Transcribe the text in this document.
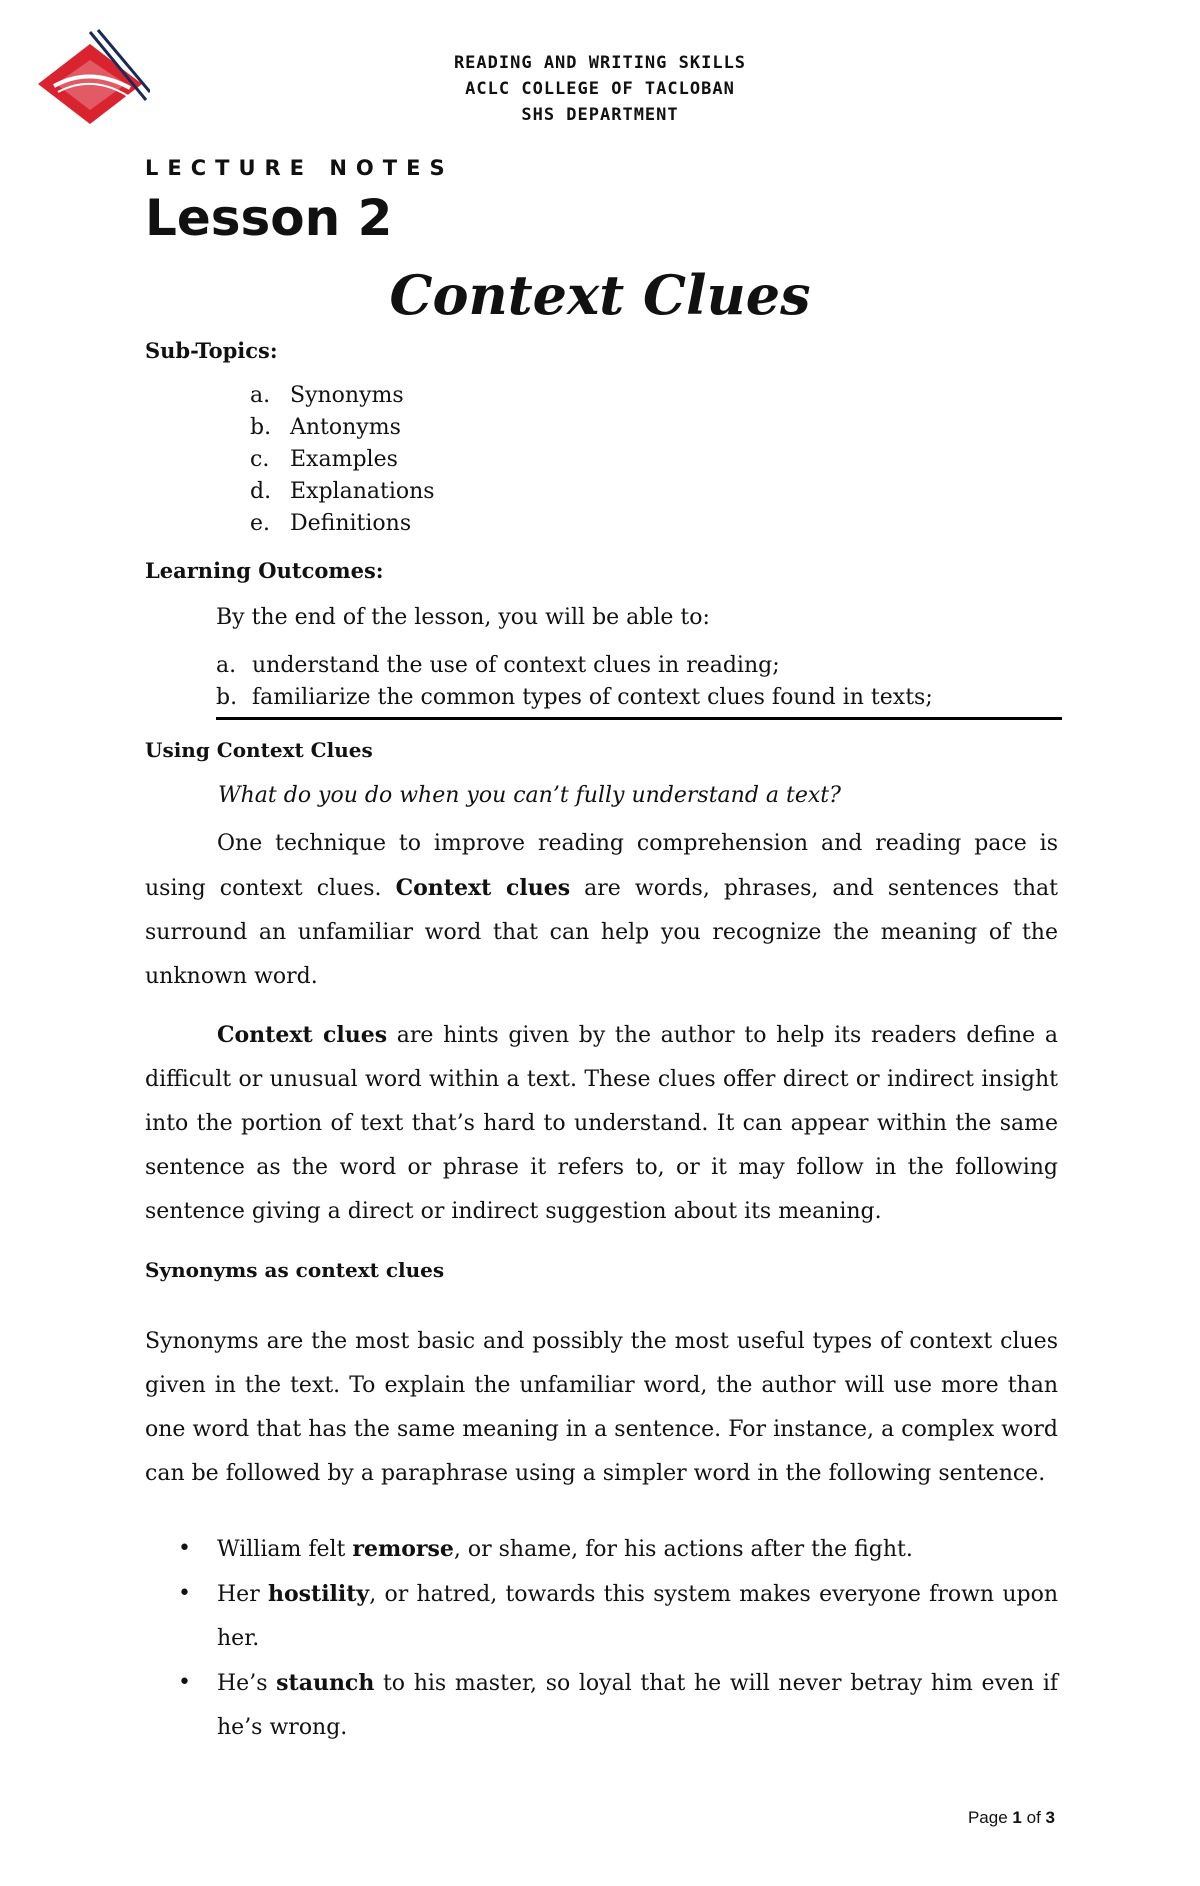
READING AND WRITING SKILLS
ACLC COLLEGE OF TACLOBAN
SHS DEPARTMENT
LECTURE NOTES
Lesson 2
Context Clues
Sub-Topics:
a. Synonyms
b. Antonyms
c. Examples
d. Explanations
e. Definitions
Learning Outcomes:
By the end of the lesson, you will be able to:
a. understand the use of context clues in reading;
b. familiarize the common types of context clues found in texts;
Using Context Clues
What do you do when you can’t fully understand a text?

One technique to improve reading comprehension and reading pace is using context clues. Context clues are words, phrases, and sentences that surround an unfamiliar word that can help you recognize the meaning of the unknown word.

Context clues are hints given by the author to help its readers define a difficult or unusual word within a text. These clues offer direct or indirect insight into the portion of text that’s hard to understand. It can appear within the same sentence as the word or phrase it refers to, or it may follow in the following sentence giving a direct or indirect suggestion about its meaning.

Synonyms as context clues

Synonyms are the most basic and possibly the most useful types of context clues given in the text. To explain the unfamiliar word, the author will use more than one word that has the same meaning in a sentence. For instance, a complex word can be followed by a paraphrase using a simpler word in the following sentence.

• William felt remorse, or shame, for his actions after the fight.
• Her hostility, or hatred, towards this system makes everyone frown upon her.
• He’s staunch to his master, so loyal that he will never betray him even if he’s wrong.
Page 1 of 3
